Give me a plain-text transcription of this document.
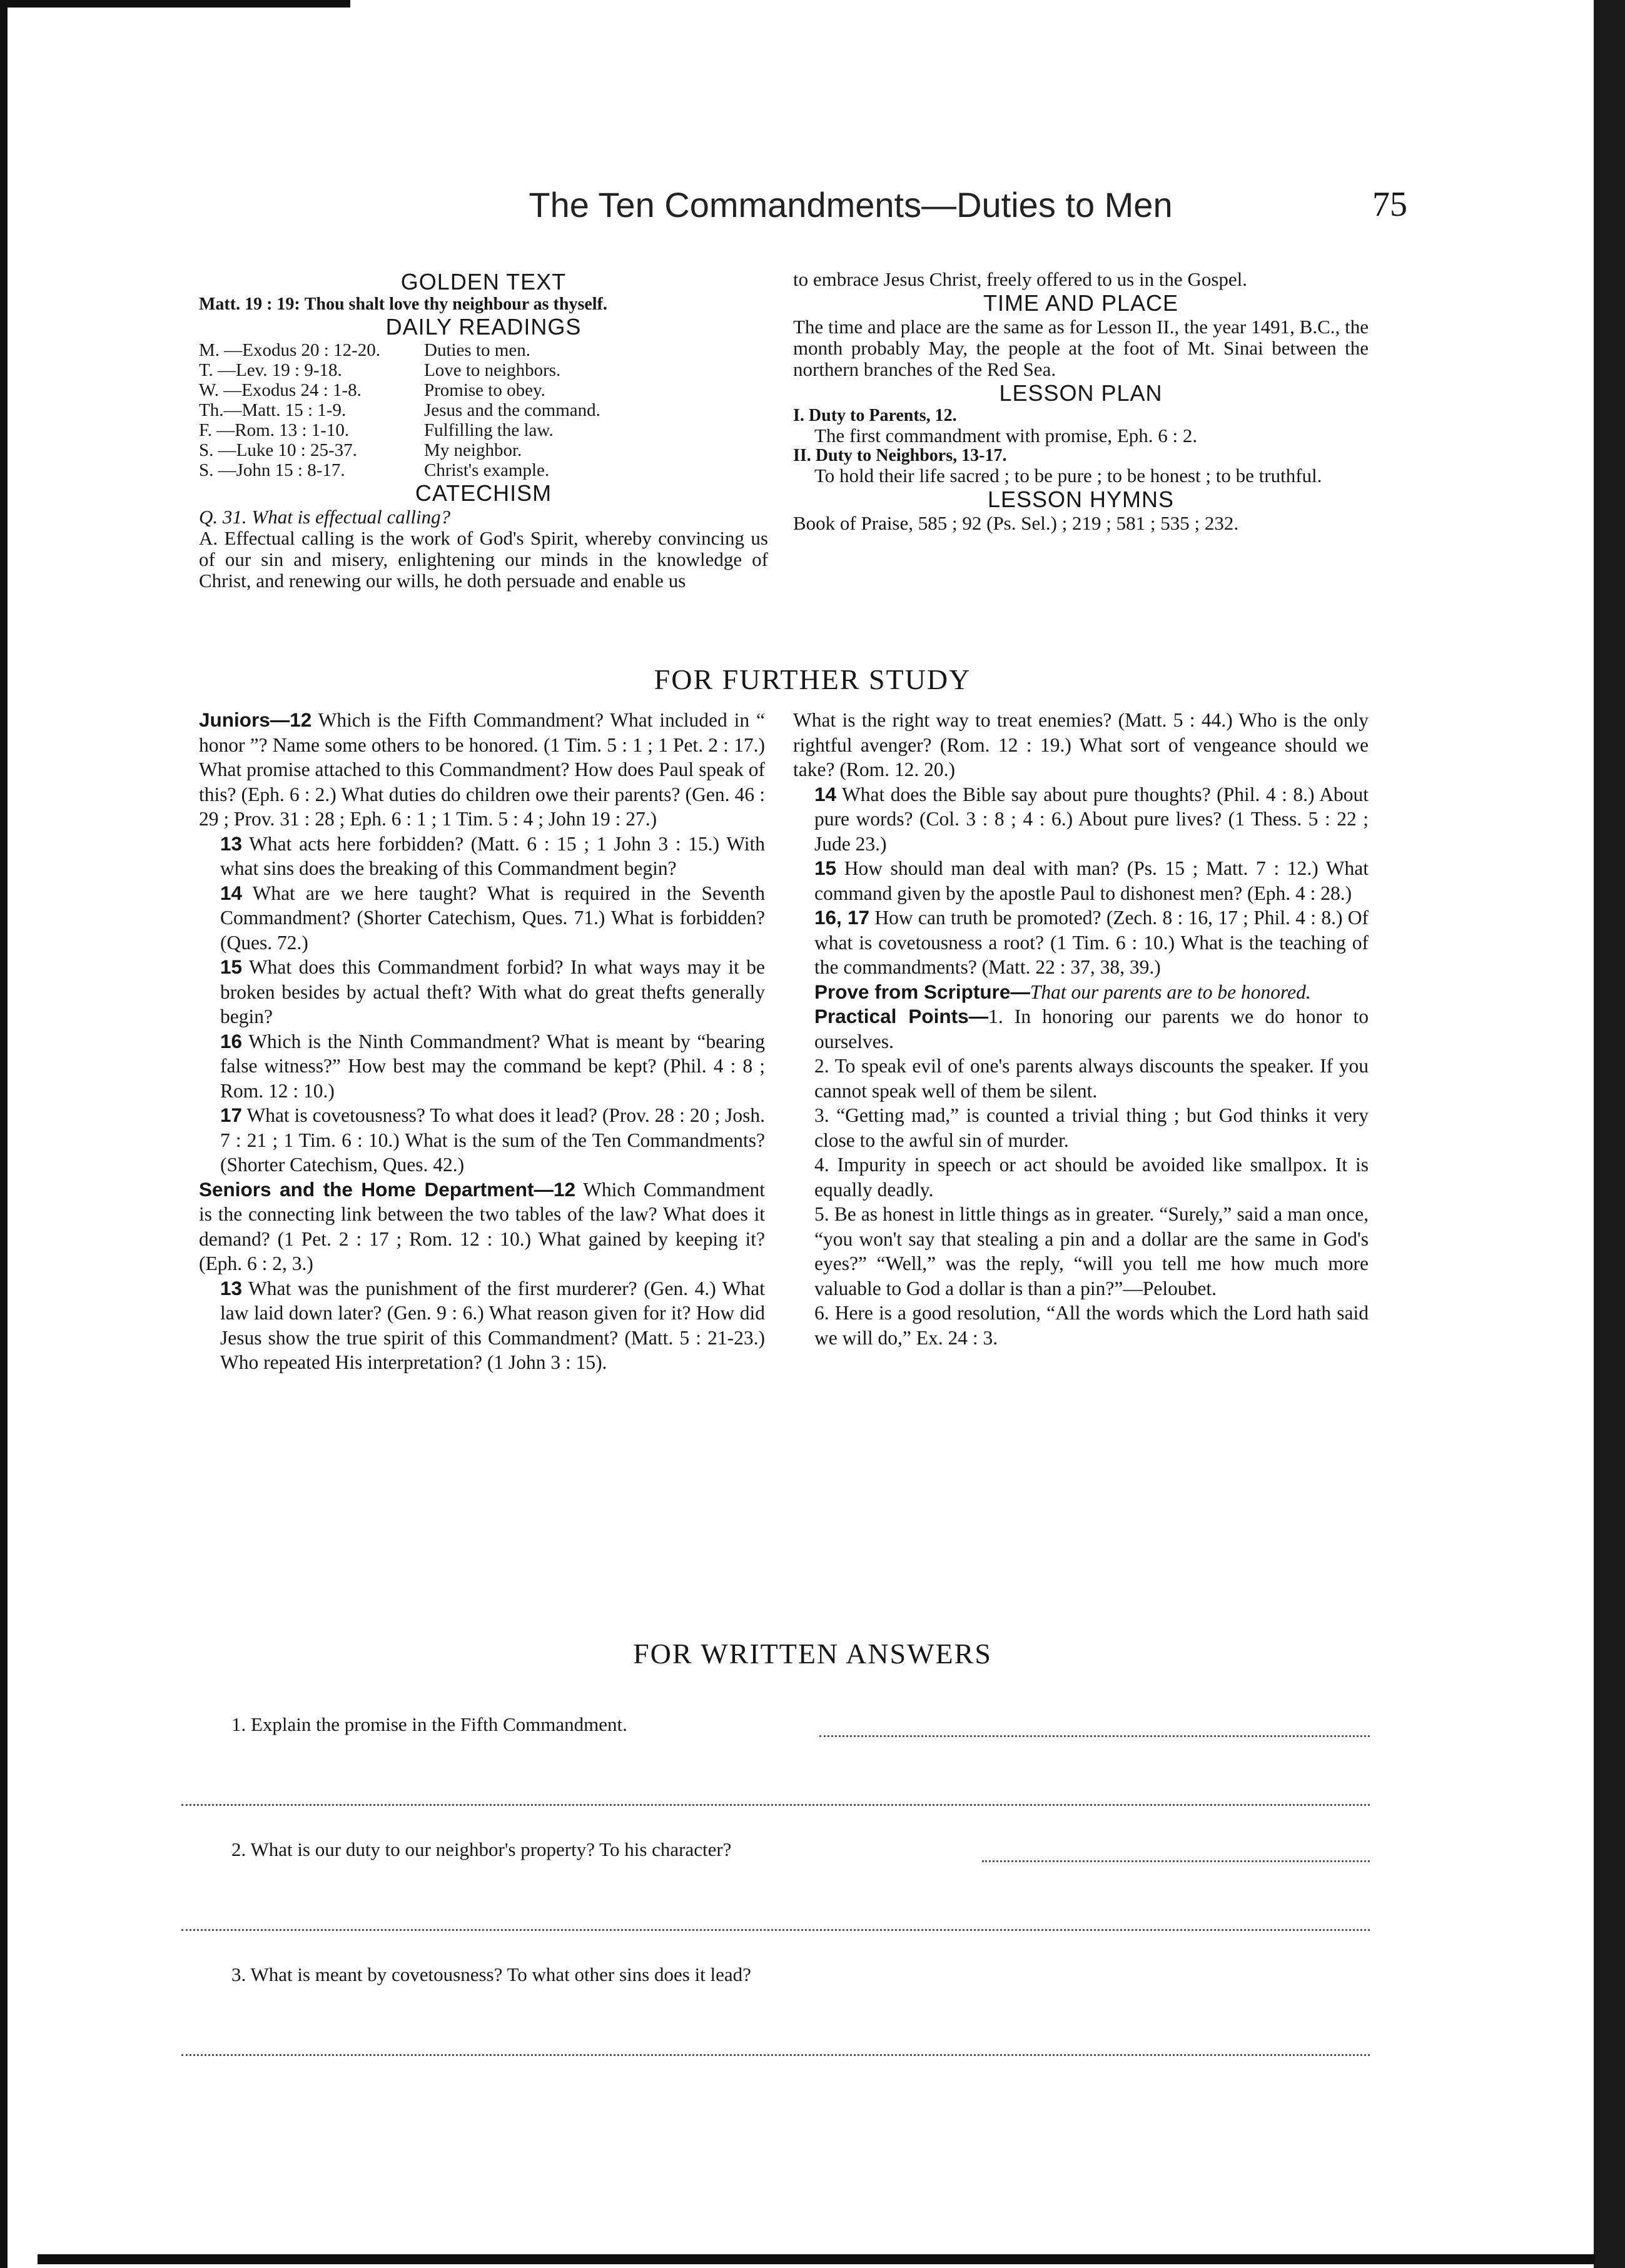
The Ten Commandments—Duties to Men	75
GOLDEN TEXT

Matt. 19 : 19: Thou shalt love thy neighbour as thyself.

DAILY READINGS
M. —Exodus 20 : 12-20.	Duties to men.
T. —Lev. 19 : 9-18.	Love to neighbors.
W. —Exodus 24 : 1-8.	Promise to obey.
Th.—Matt. 15 : 1-9.	Jesus and the command.
F. —Rom. 13 : 1-10.	Fulfilling the law.
S. —Luke 10 : 25-37.	My neighbor.
S. —John 15 : 8-17.	Christ's example.
CATECHISM

Q. 31. What is effectual calling?

A. Effectual calling is the work of God's Spirit, whereby convincing us of our sin and misery, enlightening our minds in the knowledge of Christ, and renewing our wills, he doth persuade and enable us

to embrace Jesus Christ, freely offered to us in the Gospel.

TIME AND PLACE

The time and place are the same as for Lesson II., the year 1491, B.C., the month probably May, the people at the foot of Mt. Sinai between the northern branches of the Red Sea.

LESSON PLAN

I. Duty to Parents, 12.

The first commandment with promise, Eph. 6 : 2.

II. Duty to Neighbors, 13-17.

To hold their life sacred ; to be pure ; to be honest ; to be truthful.

LESSON HYMNS

Book of Praise, 585 ; 92 (Ps. Sel.) ; 219 ; 581 ; 535 ; 232.

FOR FURTHER STUDY

Juniors—12 Which is the Fifth Commandment? What included in “ honor ”? Name some others to be honored. (1 Tim. 5 : 1 ; 1 Pet. 2 : 17.) What promise attached to this Commandment? How does Paul speak of this? (Eph. 6 : 2.) What duties do children owe their parents? (Gen. 46 : 29 ; Prov. 31 : 28 ; Eph. 6 : 1 ; 1 Tim. 5 : 4 ; John 19 : 27.)

13 What acts here forbidden? (Matt. 6 : 15 ; 1 John 3 : 15.) With what sins does the breaking of this Commandment begin?

14 What are we here taught? What is required in the Seventh Commandment? (Shorter Catechism, Ques. 71.) What is forbidden? (Ques. 72.)

15 What does this Commandment forbid? In what ways may it be broken besides by actual theft? With what do great thefts generally begin?

16 Which is the Ninth Commandment? What is meant by “bearing false witness?” How best may the command be kept? (Phil. 4 : 8 ; Rom. 12 : 10.)

17 What is covetousness? To what does it lead? (Prov. 28 : 20 ; Josh. 7 : 21 ; 1 Tim. 6 : 10.) What is the sum of the Ten Commandments? (Shorter Catechism, Ques. 42.)

Seniors and the Home Department—12 Which Commandment is the connecting link between the two tables of the law? What does it demand? (1 Pet. 2 : 17 ; Rom. 12 : 10.) What gained by keeping it? (Eph. 6 : 2, 3.)

13 What was the punishment of the first murderer? (Gen. 4.) What law laid down later? (Gen. 9 : 6.) What reason given for it? How did Jesus show the true spirit of this Commandment? (Matt. 5 : 21-23.) Who repeated His interpretation? (1 John 3 : 15).

What is the right way to treat enemies? (Matt. 5 : 44.) Who is the only rightful avenger? (Rom. 12 : 19.) What sort of vengeance should we take? (Rom. 12. 20.)

14 What does the Bible say about pure thoughts? (Phil. 4 : 8.) About pure words? (Col. 3 : 8 ; 4 : 6.) About pure lives? (1 Thess. 5 : 22 ; Jude 23.)

15 How should man deal with man? (Ps. 15 ; Matt. 7 : 12.) What command given by the apostle Paul to dishonest men? (Eph. 4 : 28.)

16, 17 How can truth be promoted? (Zech. 8 : 16, 17 ; Phil. 4 : 8.) Of what is covetousness a root? (1 Tim. 6 : 10.) What is the teaching of the commandments? (Matt. 22 : 37, 38, 39.)

Prove from Scripture—That our parents are to be honored.

Practical Points—1. In honoring our parents we do honor to ourselves.

2. To speak evil of one's parents always discounts the speaker. If you cannot speak well of them be silent.

3. “Getting mad,” is counted a trivial thing ; but God thinks it very close to the awful sin of murder.

4. Impurity in speech or act should be avoided like smallpox. It is equally deadly.

5. Be as honest in little things as in greater. “Surely,” said a man once, “you won't say that stealing a pin and a dollar are the same in God's eyes?” “Well,” was the reply, “will you tell me how much more valuable to God a dollar is than a pin?”—Peloubet.

6. Here is a good resolution, “All the words which the Lord hath said we will do,” Ex. 24 : 3.

FOR WRITTEN ANSWERS
1. Explain the promise in the Fifth Commandment.
2. What is our duty to our neighbor's property? To his character?
3. What is meant by covetousness? To what other sins does it lead?
